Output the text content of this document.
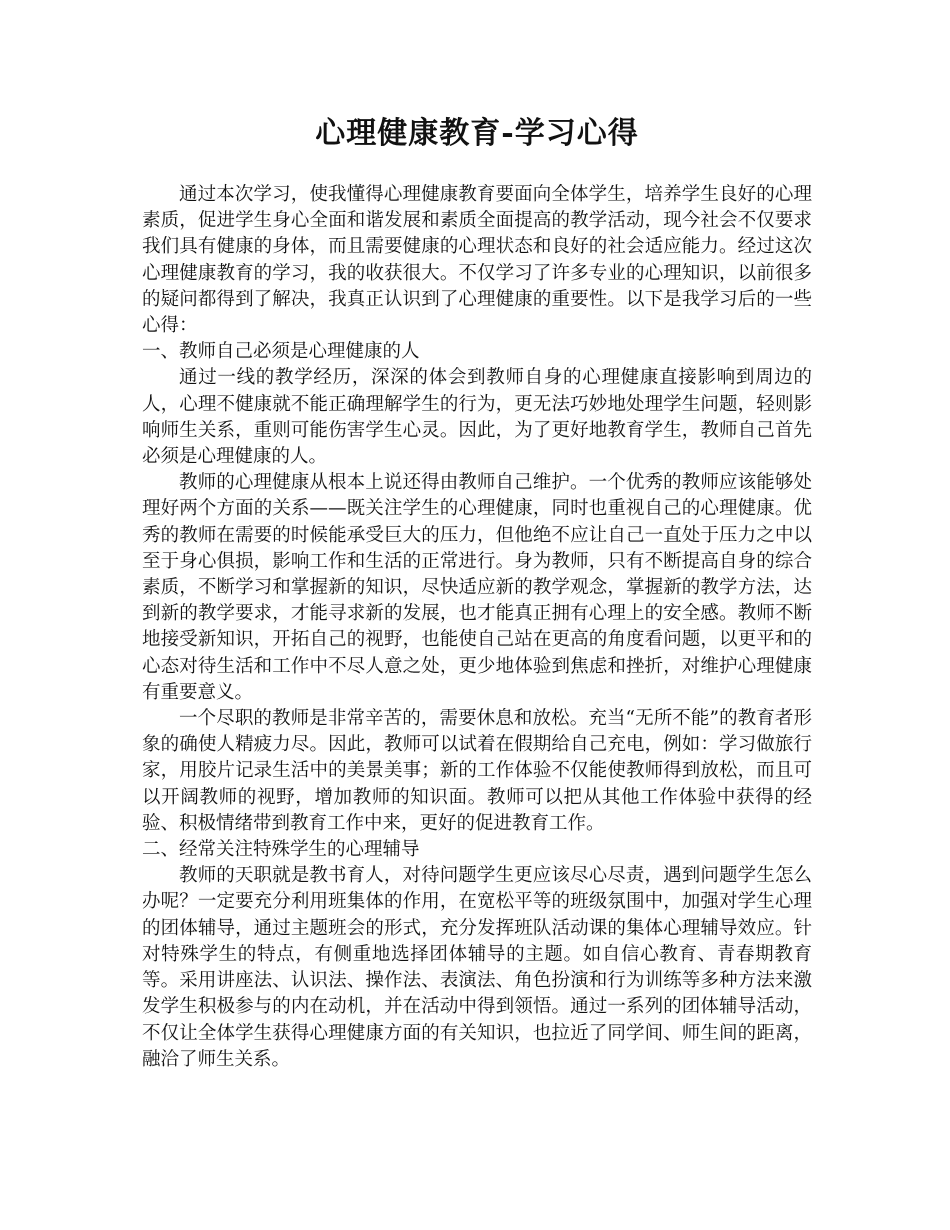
心理健康教育-学习心得

通过本次学习，使我懂得心理健康教育要面向全体学生，培养学生良好的心理素质，促进学生身心全面和谐发展和素质全面提高的教学活动，现今社会不仅要求我们具有健康的身体，而且需要健康的心理状态和良好的社会适应能力。经过这次心理健康教育的学习，我的收获很大。不仅学习了许多专业的心理知识，以前很多的疑问都得到了解决，我真正认识到了心理健康的重要性。以下是我学习后的一些心得：

一、教师自己必须是心理健康的人

通过一线的教学经历，深深的体会到教师自身的心理健康直接影响到周边的人，心理不健康就不能正确理解学生的行为，更无法巧妙地处理学生问题，轻则影响师生关系，重则可能伤害学生心灵。因此，为了更好地教育学生，教师自己首先必须是心理健康的人。

教师的心理健康从根本上说还得由教师自己维护。一个优秀的教师应该能够处理好两个方面的关系——既关注学生的心理健康，同时也重视自己的心理健康。优秀的教师在需要的时候能承受巨大的压力，但他绝不应让自己一直处于压力之中以至于身心俱损，影响工作和生活的正常进行。身为教师，只有不断提高自身的综合素质，不断学习和掌握新的知识，尽快适应新的教学观念，掌握新的教学方法，达到新的教学要求，才能寻求新的发展，也才能真正拥有心理上的安全感。教师不断地接受新知识，开拓自己的视野，也能使自己站在更高的角度看问题，以更平和的心态对待生活和工作中不尽人意之处，更少地体验到焦虑和挫折，对维护心理健康有重要意义。

一个尽职的教师是非常辛苦的，需要休息和放松。充当“无所不能”的教育者形象的确使人精疲力尽。因此，教师可以试着在假期给自己充电，例如：学习做旅行家，用胶片记录生活中的美景美事；新的工作体验不仅能使教师得到放松，而且可以开阔教师的视野，增加教师的知识面。教师可以把从其他工作体验中获得的经验、积极情绪带到教育工作中来，更好的促进教育工作。

二、经常关注特殊学生的心理辅导

教师的天职就是教书育人，对待问题学生更应该尽心尽责，遇到问题学生怎么办呢？一定要充分利用班集体的作用，在宽松平等的班级氛围中，加强对学生心理的团体辅导，通过主题班会的形式，充分发挥班队活动课的集体心理辅导效应。针对特殊学生的特点，有侧重地选择团体辅导的主题。如自信心教育、青春期教育等。采用讲座法、认识法、操作法、表演法、角色扮演和行为训练等多种方法来激发学生积极参与的内在动机，并在活动中得到领悟。通过一系列的团体辅导活动，不仅让全体学生获得心理健康方面的有关知识，也拉近了同学间、师生间的距离，融洽了师生关系。
